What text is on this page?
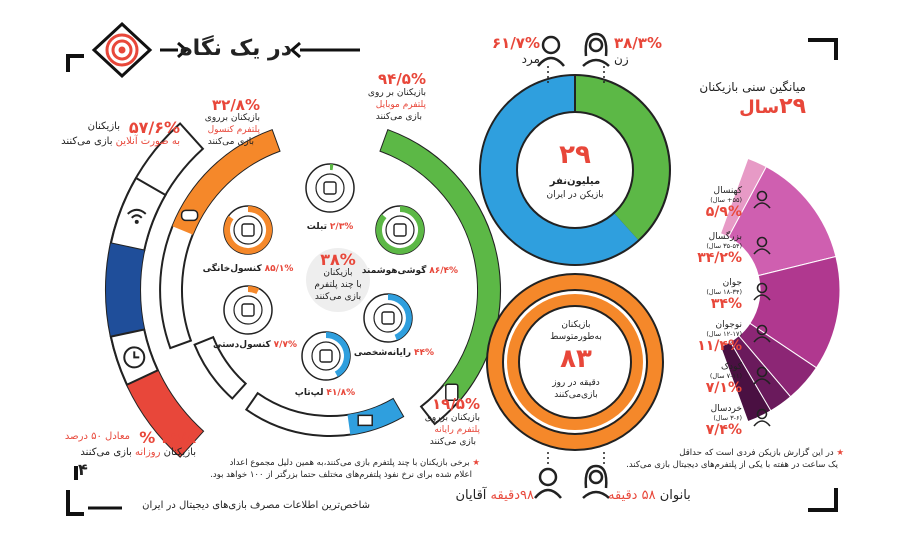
در یک نگاه
۵۷/۶%
بازیکنان
به صورت آنلاین بازی می‌کنند
۴۹/۸ %
معادل ۵۰ درصد
بازیکنان روزانه بازی می‌کنند
۳۲/۸%
بازیکنان برروی
پلتفرم کنسول
بازی می‌کنند
۹۴/۵%
بازیکنان بر روی
پلتفرم موبایل
بازی می‌کنند
۱۹/۵%
بازیکنان برروی
پلتفرم رایانه
بازی می‌کنند
۳۸%
بازیکنان
با چند پلتفرم
بازی می‌کنند
۲/۳% تبلت
۸۶/۴% گوشی‌هوشمند
۸۵/۱% کنسول‌خانگی
۷/۷% کنسول‌دستی
۴۴% رایانه‌شخصی
۴۱/۸% لپ‌تاپ
۶۱/۷%
مرد
۳۸/۳%
زن
۲۹
میلیون‌نفر
بازیکن در ایران
بازیکنان
به‌طور‌متوسط
۸۳
دقیقه در روز
بازی‌می‌کنند
۹۸دقیقه آقایان	بانوان ۵۸ دقیقه
میانگین سنی بازیکنان
۲۹سال
کهنسال
(۵۵+ سال)
۵/۹%
بزرگسال
(۳۵-۵۴ سال)
۳۴/۲%
جوان
(۱۸-۳۴ سال)
۳۴%
نوجوان
(۱۲-۱۷ سال)
۱۱/۴%
کودک
(۷-۱۱ سال)
۷/۱%
خردسال
(۳-۶ سال)
۷/۴%
★ برخی بازیکنان با چند پلتفرم بازی می‌کنند،به همین دلیل مجموع اعداد
اعلام شده برای نرخ نفوذ پلتفرم‌های مختلف حتما بزرگتر از ۱۰۰ خواهد بود.
★ در این گزارش بازیکن فردی است که حداقل
یک ساعت در هفته با یکی از پلتفرم‌های دیجیتال بازی می‌کند.
۴
شاخص‌ترین اطلاعات مصرف بازی‌های دیجیتال در ایران
